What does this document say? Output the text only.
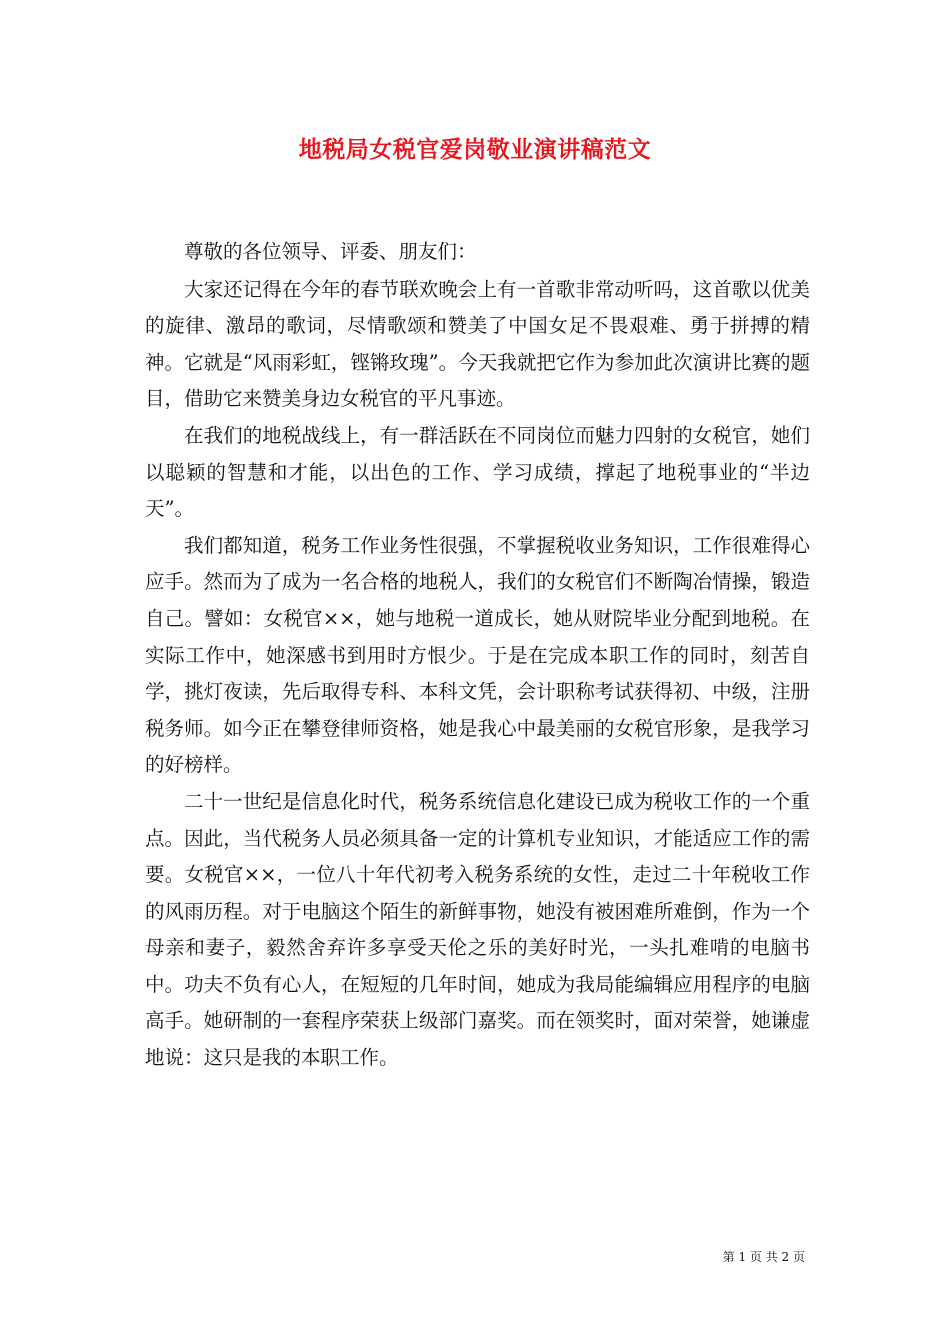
地税局女税官爱岗敬业演讲稿范文

尊敬的各位领导、评委、朋友们：

大家还记得在今年的春节联欢晚会上有一首歌非常动听吗，这首歌以优美的旋律、激昂的歌词，尽情歌颂和赞美了中国女足不畏艰难、勇于拼搏的精神。它就是“风雨彩虹，铿锵玫瑰”。今天我就把它作为参加此次演讲比赛的题目，借助它来赞美身边女税官的平凡事迹。

在我们的地税战线上，有一群活跃在不同岗位而魅力四射的女税官，她们以聪颖的智慧和才能，以出色的工作、学习成绩，撑起了地税事业的“半边天”。

我们都知道，税务工作业务性很强，不掌握税收业务知识，工作很难得心应手。然而为了成为一名合格的地税人，我们的女税官们不断陶冶情操，锻造自己。譬如：女税官××，她与地税一道成长，她从财院毕业分配到地税。在实际工作中，她深感书到用时方恨少。于是在完成本职工作的同时，刻苦自学，挑灯夜读，先后取得专科、本科文凭，会计职称考试获得初、中级，注册税务师。如今正在攀登律师资格，她是我心中最美丽的女税官形象，是我学习的好榜样。

二十一世纪是信息化时代，税务系统信息化建设已成为税收工作的一个重点。因此，当代税务人员必须具备一定的计算机专业知识，才能适应工作的需要。女税官××，一位八十年代初考入税务系统的女性，走过二十年税收工作的风雨历程。对于电脑这个陌生的新鲜事物，她没有被困难所难倒，作为一个母亲和妻子，毅然舍弃许多享受天伦之乐的美好时光，一头扎难啃的电脑书中。功夫不负有心人，在短短的几年时间，她成为我局能编辑应用程序的电脑高手。她研制的一套程序荣获上级部门嘉奖。而在领奖时，面对荣誉，她谦虚地说：这只是我的本职工作。

第 1 页 共 2 页
